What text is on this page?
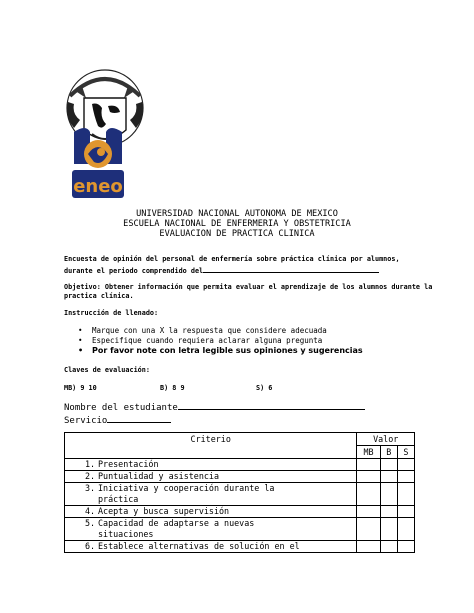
eneo
UNIVERSIDAD NACIONAL AUTONOMA DE MEXICO
ESCUELA NACIONAL DE ENFERMERIA Y OBSTETRICIA
EVALUACION DE PRACTICA CLINICA
Encuesta de opinión del personal de enfermería sobre práctica clínica por alumnos,
durante el periodo comprendido del
Objetivo: Obtener información que permita evaluar el aprendizaje de los alumnos durante la
practica clínica.
Instrucción de llenado:
• Marque con una X la respuesta que considere adecuada
• Especifique cuando requiera aclarar alguna pregunta
• Por favor note con letra legible sus opiniones y sugerencias
Claves de evaluación:
MB) 9 10	B) 8 9	S) 6
Nombre del estudiante
Servicio
Criterio	Valor		
	MB	B	S
1. Presentación			
2. Puntualidad y asistencia			
3. Iniciativa y cooperación durante la
práctica			

4. Acepta y busca supervisión			
5. Capacidad de adaptarse a nuevas
situaciones			

6. Establece alternativas de solución en el			
